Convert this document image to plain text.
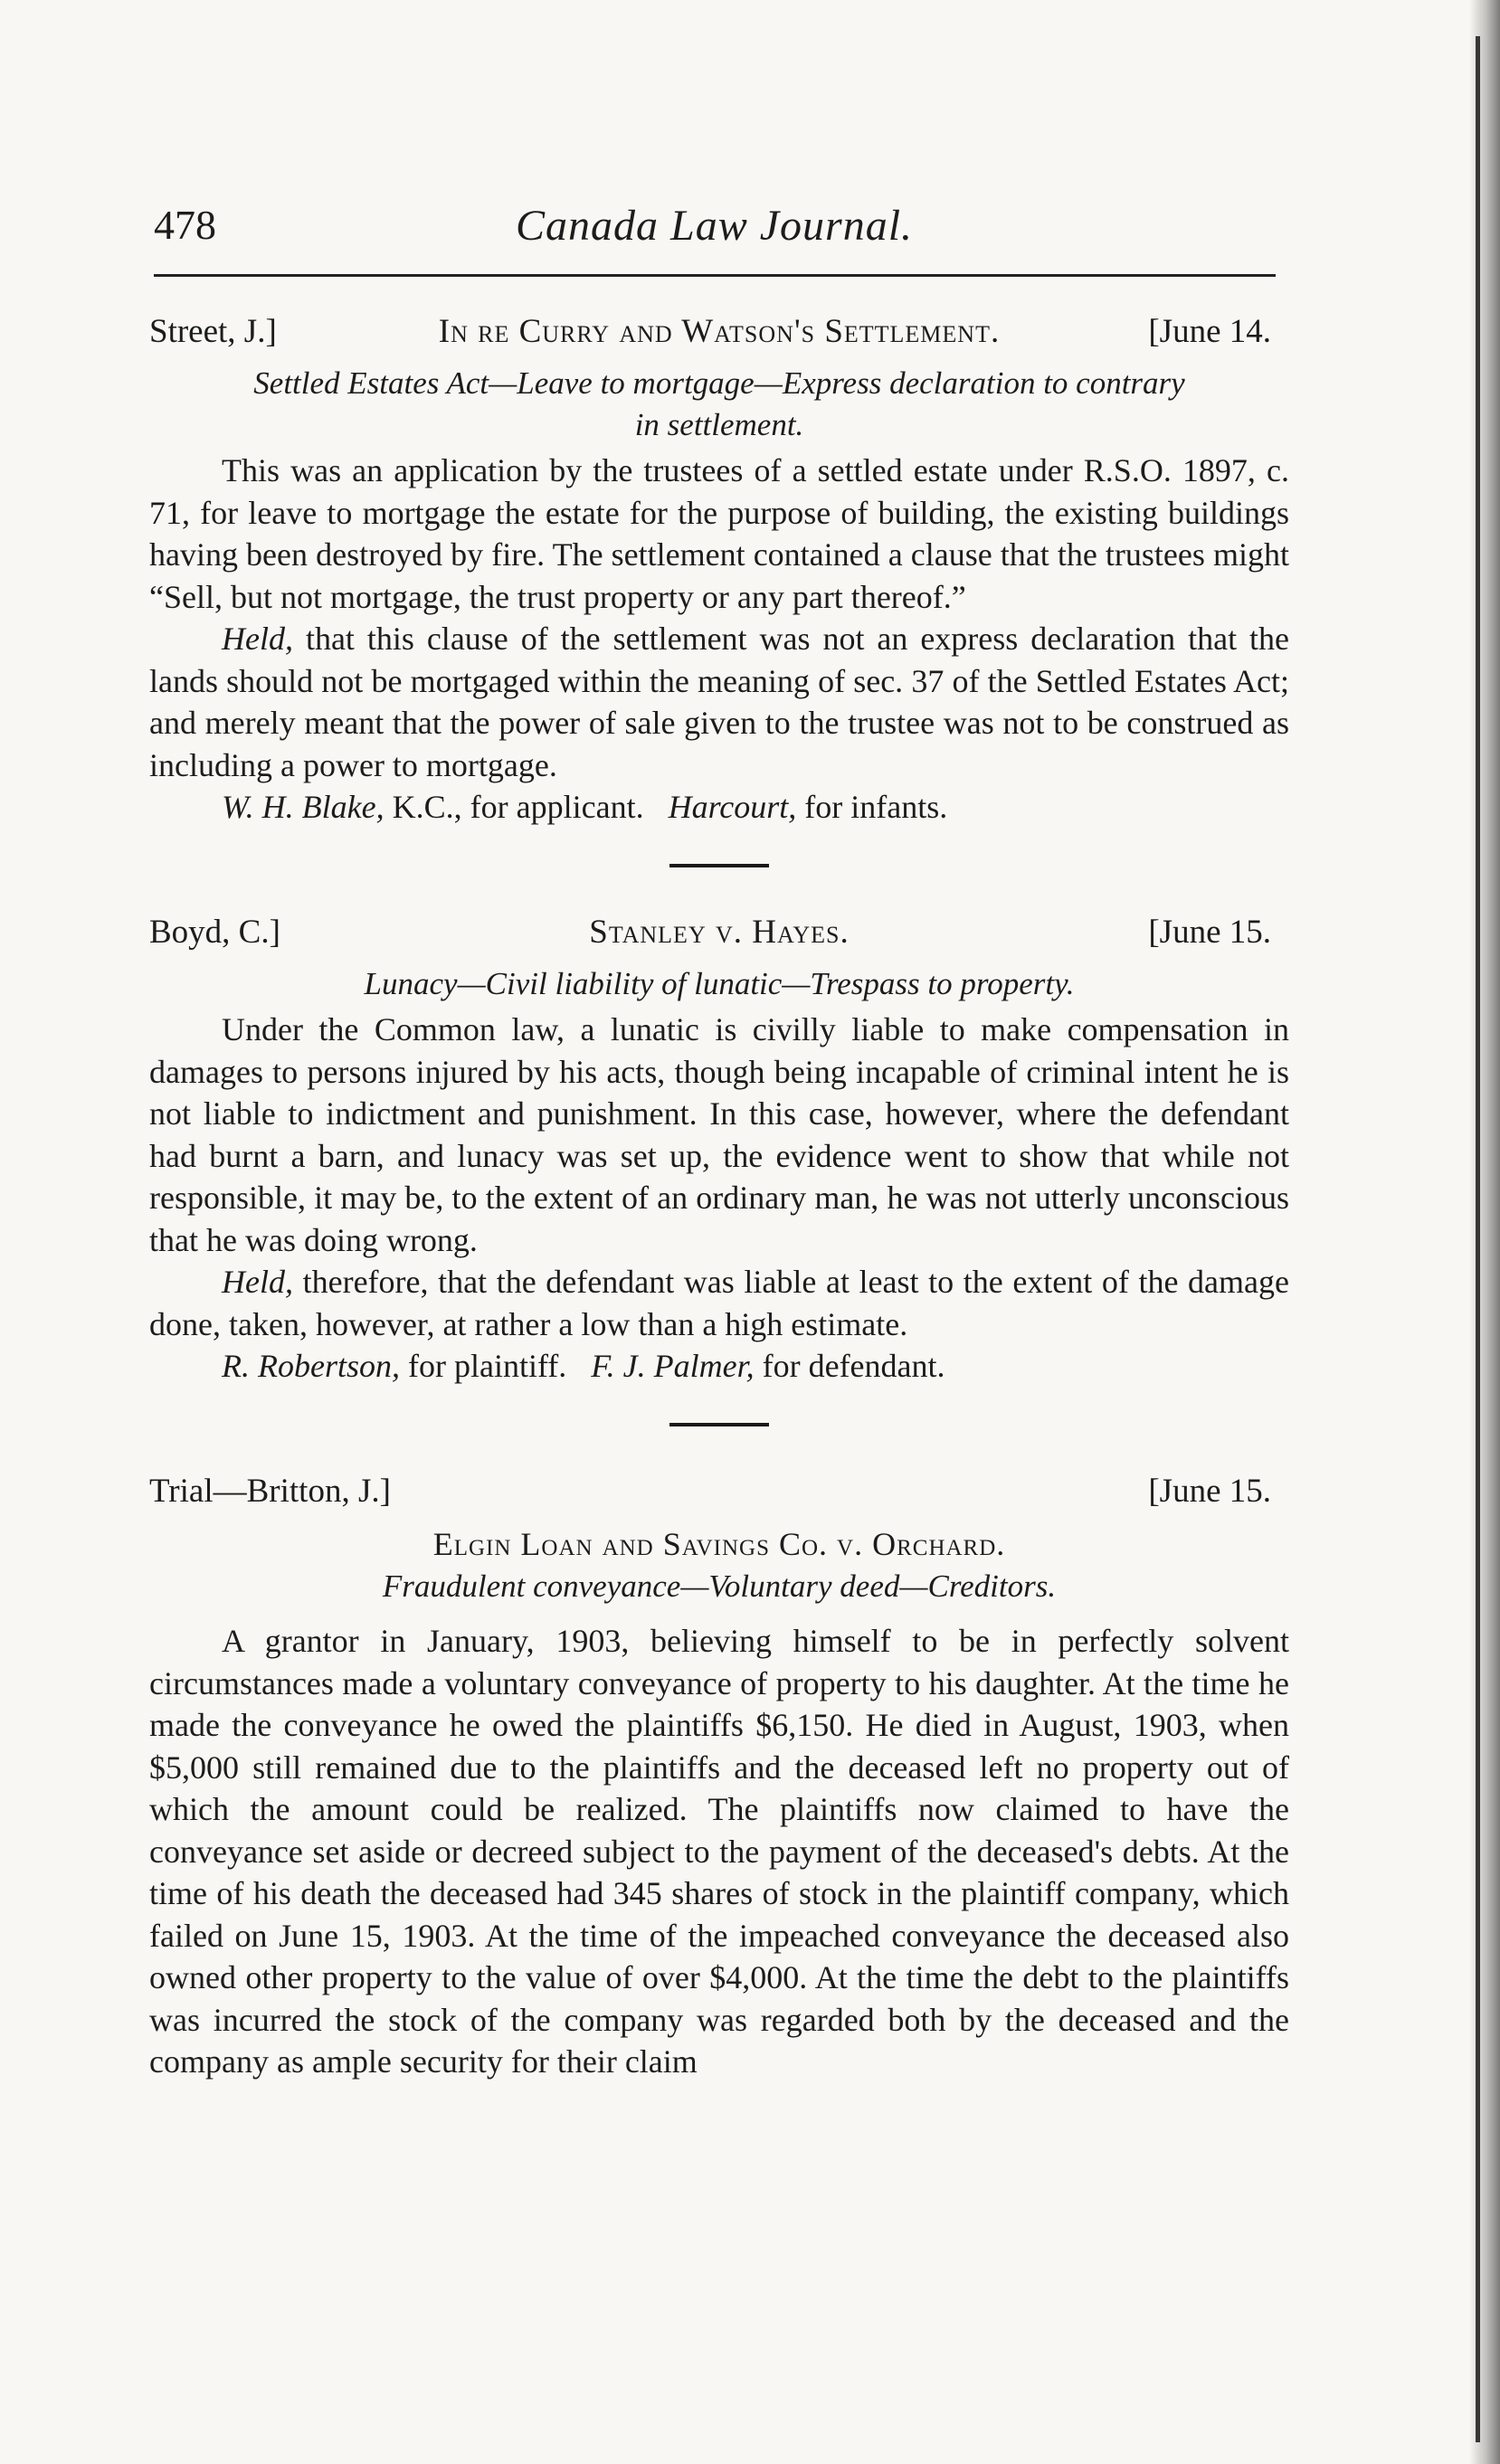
478	Canada Law Journal.
Street, J.]	In re Curry and Watson's Settlement.	[June 14.
Settled Estates Act—Leave to mortgage—Express declaration to contrary
in settlement.

This was an application by the trustees of a settled estate under R.S.O. 1897, c. 71, for leave to mortgage the estate for the purpose of building, the existing buildings having been destroyed by fire. The settlement contained a clause that the trustees might “Sell, but not mortgage, the trust property or any part thereof.”

Held, that this clause of the settlement was not an express declaration that the lands should not be mortgaged within the meaning of sec. 37 of the Settled Estates Act; and merely meant that the power of sale given to the trustee was not to be construed as including a power to mortgage.

W. H. Blake, K.C., for applicant. Harcourt, for infants.

Boyd, C.]	Stanley v. Hayes.	[June 15.
Lunacy—Civil liability of lunatic—Trespass to property.

Under the Common law, a lunatic is civilly liable to make compensation in damages to persons injured by his acts, though being incapable of criminal intent he is not liable to indictment and punishment. In this case, however, where the defendant had burnt a barn, and lunacy was set up, the evidence went to show that while not responsible, it may be, to the extent of an ordinary man, he was not utterly unconscious that he was doing wrong.

Held, therefore, that the defendant was liable at least to the extent of the damage done, taken, however, at rather a low than a high estimate.

R. Robertson, for plaintiff. F. J. Palmer, for defendant.

Trial—Britton, J.]	[June 15.
Elgin Loan and Savings Co. v. Orchard.
Fraudulent conveyance—Voluntary deed—Creditors.

A grantor in January, 1903, believing himself to be in perfectly solvent circumstances made a voluntary conveyance of property to his daughter. At the time he made the conveyance he owed the plaintiffs $6,150. He died in August, 1903, when $5,000 still remained due to the plaintiffs and the deceased left no property out of which the amount could be realized. The plaintiffs now claimed to have the conveyance set aside or decreed subject to the payment of the deceased's debts. At the time of his death the deceased had 345 shares of stock in the plaintiff company, which failed on June 15, 1903. At the time of the impeached conveyance the deceased also owned other property to the value of over $4,000. At the time the debt to the plaintiffs was incurred the stock of the company was regarded both by the deceased and the company as ample security for their claim
